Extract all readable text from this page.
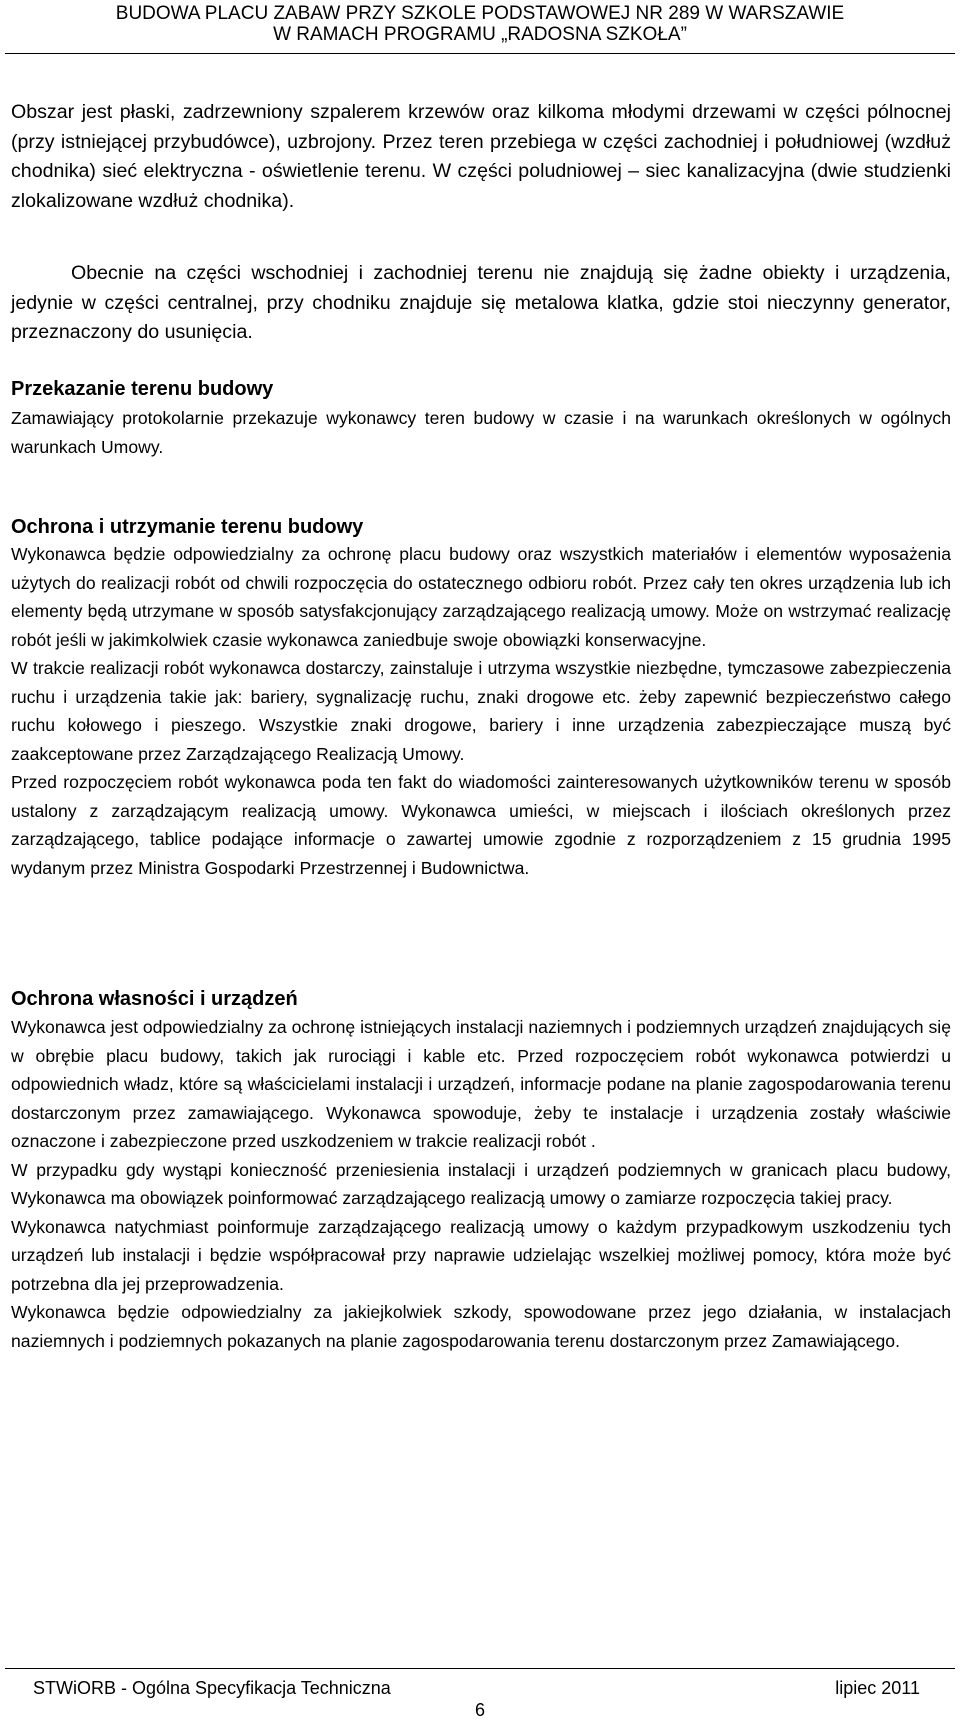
BUDOWA PLACU ZABAW PRZY SZKOLE PODSTAWOWEJ NR 289 W WARSZAWIE
W RAMACH PROGRAMU „RADOSNA SZKOŁA”

Obszar jest płaski, zadrzewniony szpalerem krzewów oraz kilkoma młodymi drzewami w części pólnocnej (przy istniejącej przybudówce), uzbrojony. Przez teren przebiega w części zachodniej i południowej (wzdłuż chodnika) sieć elektryczna - oświetlenie terenu. W części poludniowej – siec kanalizacyjna (dwie studzienki zlokalizowane wzdłuż chodnika).

Obecnie na części wschodniej i zachodniej terenu nie znajdują się żadne obiekty i urządzenia, jedynie w części centralnej, przy chodniku znajduje się metalowa klatka, gdzie stoi nieczynny generator, przeznaczony do usunięcia.

Przekazanie terenu budowy

Zamawiający protokolarnie przekazuje wykonawcy teren budowy w czasie i na warunkach określonych w ogólnych warunkach Umowy.

Ochrona i utrzymanie terenu budowy

Wykonawca będzie odpowiedzialny za ochronę placu budowy oraz wszystkich materiałów i elementów wyposażenia użytych do realizacji robót od chwili rozpoczęcia do ostatecznego odbioru robót. Przez cały ten okres urządzenia lub ich elementy będą utrzymane w sposób satysfakcjonujący zarządzającego realizacją umowy. Może on wstrzymać realizację robót jeśli w jakimkolwiek czasie wykonawca zaniedbuje swoje obowiązki konserwacyjne.

W trakcie realizacji robót wykonawca dostarczy, zainstaluje i utrzyma wszystkie niezbędne, tymczasowe zabezpieczenia ruchu i urządzenia takie jak: bariery, sygnalizację ruchu, znaki drogowe etc. żeby zapewnić bezpieczeństwo całego ruchu kołowego i pieszego. Wszystkie znaki drogowe, bariery i inne urządzenia zabezpieczające muszą być zaakceptowane przez Zarządzającego Realizacją Umowy.

Przed rozpoczęciem robót wykonawca poda ten fakt do wiadomości zainteresowanych użytkowników terenu w sposób ustalony z zarządzającym realizacją umowy. Wykonawca umieści, w miejscach i ilościach określonych przez zarządzającego, tablice podające informacje o zawartej umowie zgodnie z rozporządzeniem z 15 grudnia 1995 wydanym przez Ministra Gospodarki Przestrzennej i Budownictwa.

Ochrona własności i urządzeń

Wykonawca jest odpowiedzialny za ochronę istniejących instalacji naziemnych i podziemnych urządzeń znajdujących się w obrębie placu budowy, takich jak rurociągi i kable etc. Przed rozpoczęciem robót wykonawca potwierdzi u odpowiednich władz, które są właścicielami instalacji i urządzeń, informacje podane na planie zagospodarowania terenu dostarczonym przez zamawiającego. Wykonawca spowoduje, żeby te instalacje i urządzenia zostały właściwie oznaczone i zabezpieczone przed uszkodzeniem w trakcie realizacji robót .

W przypadku gdy wystąpi konieczność przeniesienia instalacji i urządzeń podziemnych w granicach placu budowy, Wykonawca ma obowiązek poinformować zarządzającego realizacją umowy o zamiarze rozpoczęcia takiej pracy.

Wykonawca natychmiast poinformuje zarządzającego realizacją umowy o każdym przypadkowym uszkodzeniu tych urządzeń lub instalacji i będzie współpracował przy naprawie udzielając wszelkiej możliwej pomocy, która może być potrzebna dla jej przeprowadzenia.

Wykonawca będzie odpowiedzialny za jakiejkolwiek szkody, spowodowane przez jego działania, w instalacjach naziemnych i podziemnych pokazanych na planie zagospodarowania terenu dostarczonym przez Zamawiającego.

STWiORB - Ogólna Specyfikacja Techniczna	lipiec 2011
6
